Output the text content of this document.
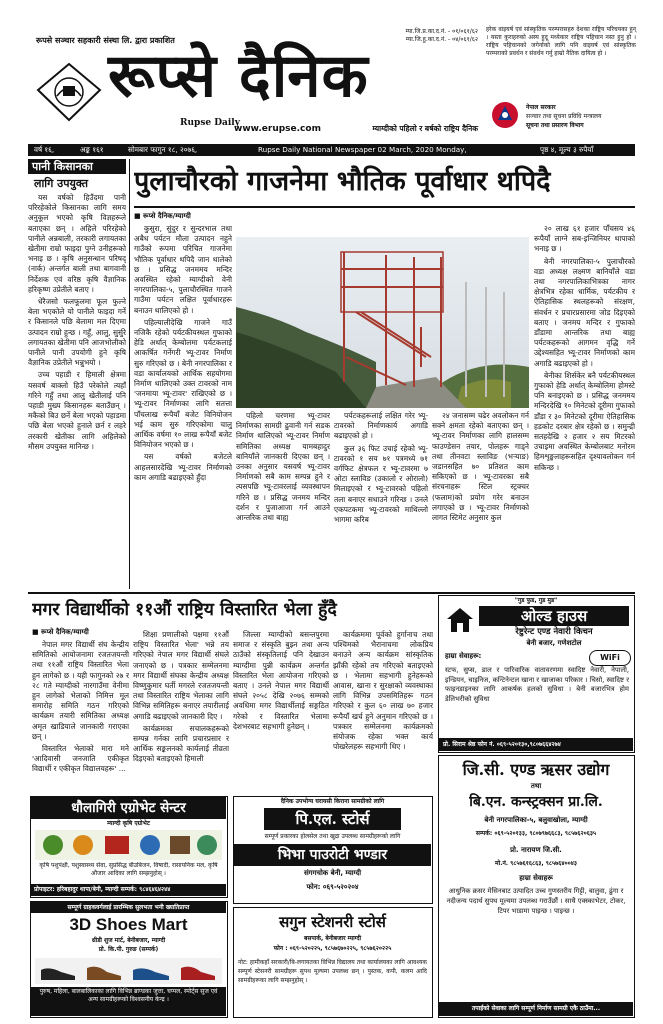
रूपसे सञ्चार सहकारी संस्था लि. द्वारा प्रकाशित
म्या.जि.प्र.का.द.नं. - ०१/०६१/६२
म्या.जि.हु.का.द.नं. - ०४/०६१/६२
रूप्से दैनिक
Rupse Daily
www.erupse.com	म्याग्दीको पहिलो र बर्षको राष्ट्रिय दैनिक
हरेक वाइयर्ष एवं सांस्कृतिक परम्परासहरु देशका राष्ट्रिय परिचयका हुन् । यस्ता कुराहरुको अस्य हुदू मध्येकार राष्ट्रिय पहिचान नस्त हुनु हो । राष्ट्रिय पहिचानको जगेर्नाको लागि पनि वाइयर्ष एवं सांस्कृतिक परम्पराको प्रवर्धन र संवर्धन गर्नु हाम्रो नैतिक दायित्व हो ।
नेपाल सरकार
सञ्चार तथा सूचना प्रविधि मन्त्रालय
सूचना तथा प्रसारण विभाग
वर्ष १६,	अङ्क १६१	सोमबार फागुन १८, २०७६,	Rupse Daily National Newspaper 02 March, 2020 Monday,	पृष्ठ ४, मूल्य ३ रुपैयाँ
पानी किसानका
लागि उपयुक्त

यस वर्षको हिउँदमा पानी परिरहेकोले किसानका लागि समय अनुकूल भएको कृषि विज्ञहरूले बताएका छन् । अहिले परिरहेको पानीले अन्नबाली, तरकारी लगायतका खेतीमा राम्रो फाइदा पुग्ने उनीहरूको भनाइ छ । कृषि अनुसन्धान परिषद् (नार्क) अन्तर्गत बाली तथा बागवानी निर्देशक एवं वरिष्ठ कृषि वैज्ञानिक हरिकृष्ण उप्रेतीले बताए ।

धेरैजसो फलफूलमा फूल फुल्ने बेला भएकोले यो पानीले फाइदा गर्ने र किसानले पछि बेलामा मल दिएमा उत्पादन राम्रो हुन्छ । गहुँ, आलु, सुर्सुरे लगायतका खेतीमा पनि आजभोलीको पानीले पानी उपयोगी हुने कृषि वैज्ञानिक उप्रेतीले भन्नुभयो ।

उच्च पहाडी र हिमाली क्षेत्रमा यसवर्ष बाक्लो हिउँ परेकोले त्यहाँ गरिने गहुँ तथा आलु खेतीलाई पनि पहाडी मुख्य किसानहरू बताउँछन् । मकैको बिउ छर्ने बेला भएको पहाडमा पछि बेला भएको हुनाले छर्न र लहरे तरकारी खेतीका लागि अहिलेको मौसम उपयुक्त मानिन्छ ।

पुलाचौरको गाजनेमा भौतिक पूर्वाधार थपिदै
■ रूप्से दैनिक/म्याग्दी

कुसुरा, सुंदुर र सुन्दरभाल तथा अबैध पर्यटन मौला उत्पादन नहुने गाउँको रूपमा परिचित गाजनेमा भौतिक पूर्वाधार थपिदै जान थालेको छ । प्रसिद्ध जनममय मन्दिर अवस्थित रहेको म्याग्दीको वेनी नगरपालिका-५, पुलाचौरस्थित गाजने गाउँमा पर्यटन लक्षित पूर्वाधारहरू बनाउन थालिएको हो ।

पहिल्यालीदेखि गाजने गाउँ नजिकै रहेको पर्यटकीयस्थल गुफाको हेडि अर्थात् केम्बोलमा पर्यटकलाई आकर्षित गर्नेगरी भ्यू-टावर निर्माण सुरु गरिएको छ । बेनी नगरपालिका र वडा कार्यालयको आर्थिक सहयोगमा निर्माण थालिएको उक्त टावरको नाम 'जनमाया भ्यू-टावर' राखिएको छ । भ्यू-टावर निर्माणका लागि सतत्ता पाँचलाख रूपैयाँ बजेट विनियोजन भई काम सुरु गरिएकोमा चालु आर्थिक वर्षमा १० लाख रूपैयाँ बजेट विनियोजन भएको छ ।

यस वर्षको बजेटले आहलसारदेखि भ्यू-टावर निर्माणको काम अगाडि बढाइएको हुँदा

पहिलो चरणमा भ्यू-टावर निर्माणका सामग्री ढुवानी गर्न सडक निर्माण थालिएको भ्यू-टावर निर्माण समितिका अध्यक्ष यामबहादुर बानियाँले जानकारी दिएका छन् । उनका अनुसार यसवर्ष भ्यू-टावर निर्माणको सबै काम सम्पन्न हुने र त्यसपछि भ्यू-टावरलाई व्यवस्थापन गरिने छ । प्रसिद्ध जनमय मन्दिर दर्शन र पुजाआजा गर्न आउने आन्तरिक तथा बाह्य

पर्यटकहरूलाई लक्षित गरेर भ्यू-टावरको निर्माणकार्य अगाडि बढाइएको हो ।

कुल ३६ फिट उचाई रहेको भ्यू-टावरको १ सय ७१ पत्रमध्ये ७१ वर्गफिट क्षेत्रफल र भ्यू-टावरमा ७ ओटा स्लाविङ (उकालो र ओरालो) मिलाइएको र भ्यू-टावरको पहिलो तला बनाएर सधाउने गरिन्छ । उनले एकपटकमा भ्यू-टावरको माथिल्लो भागमा करिब

२४ जनासम्म चढेर अवलोकन गर्न सक्ने क्षमता रहेको बताएका छन् । भ्यू-टावर निर्माणका लागि हालसम्म फाउण्डेसन तयार, पोलहरू गाड्ने तथा तीनवटा स्लाविङ (भऱ्याङ) जडानसहित ७० प्रतिशत काम सकिएको छ । भ्यू-टावरका सबै संरचनाहरू स्टिल स्ट्रक्चर (फलाम)को प्रयोग गरेर बनाउन लगाएको छ । भ्यू-टावर निर्माणको लागत स्टिमेट अनुसार कुल

२० लाख ६१ हजार पाँचसय ४६ रूपैयाँ लाग्ने सब-इन्जिनियर थापाको भनाइ छ ।

बेनी नगरपालिका-५ पुलाचौरको वडा अध्यक्ष लक्ष्मण बानियाँले वडा तथा नगरपालिकाभित्रका नागर क्षेत्रभित्र रहेका धार्मिक, पर्यटकीय र ऐतिहासिक स्थलहरूको संरक्षण, संवर्धन र प्रचारप्रसारमा जोड दिइएको बताए । जनमय मन्दिर र गुफाको डाँडामा आन्तरिक तथा बाह्य पर्यटकहरूको आगमन वृद्धि गर्ने उद्देश्यसहित भ्यू-टावर निर्माणको काम अगाडि बढाइएको हो ।

बेनीका शिर्सकेर बनै पर्यटकीयस्थल गुफाको हेडि अर्थात् केम्बोलिमा होमस्टे पनि बनाइएको छ । प्रसिद्ध जनममय मन्दिरदेखि १० मिनेटको दूरीमा गुफाको डाँडा र ३० मिनेटको दूरीमा ऐतिहासिक हडकोट दरबार क्षेत्र रहेको छ । समुन्द्री सतहदेखि २ हजार २ सय मिटरको उचाइमा अवस्थित केम्बोलबाट मनोरम हिमशृङ्खलाहरूसहित दृश्यावलोकन गर्न सकिन्छ ।

मगर विद्यार्थीको ११औं राष्ट्रिय विस्तारित भेला हुँदै
■ रूप्से दैनिक/म्याग्दी

नेपाल मगर विद्यार्थी संघ केन्द्रीय समितिको आयोजनामा रजतजयन्ती तथा ११औं राष्ट्रिय विस्तारित भेला हुन लागेको छ । यही फागुनको २७ र २८ गते म्याग्दीको नारगाउँमा वेनीमा हुन लागेको भेलाको निमित्त मूल समारोह समिति गठन गरिएको कार्यक्रम तयारी समितिका अध्यक्ष अमृत खाडियाले जानकारी गराएका छन् ।

विस्तारित भेलाको मारा मने 'आदिवासी जनजाति एकीकृत विद्यार्थी र एकीकृत विद्यालयहरू' ...

शिक्षा प्रणालीको पक्षमा ११औं राष्ट्रिय विस्तारित भेला' भन्ने तय गरिएको नेपाल मगर विद्यार्थी संघले जनाएको छ । पत्रकार सम्मेलनमा मगर विद्यार्थी संघका केन्द्रीय अध्यक्ष विष्णुकुमार घर्ती मगरले रजतजयन्ती तथा विस्तारित राष्ट्रिय भेलाका लागि विभिन्न समितिहरू बनाएर तयारीलाई अगाडि बढाइएको जानकारी दिए ।

कार्यक्रमका सचालकहरूको सम्पन्न गर्नका लागि प्रचारप्रसार र आर्थिक सङ्कलनको कार्यलाई तीव्रता दिइएको बताइएको हिमाली

जिल्ला म्याग्दीको बसन्तपुरमा समाज र संस्कृति बुझ्न तथा अन्य ठाउँको संस्कृतिलाई पनि देखाउन म्याग्दीमा पुन्नी कार्यक्रम अन्तर्गत विस्तारित भेला आयोजना गरिएको बताए । उनले नेपाल मगर विद्यार्थी संघले २०५८ देखि २०७६ सम्मको अवधिमा मगर विद्यार्थीलाई सङ्गठित गरेको र विस्तारित भेलामा देशभरबाट सहभागी हुनेछन् ।

कार्यक्रममा पूर्वको हुर्गानाच तथा पश्चिमको भैरानाचमा लोकप्रिय बनाउने अन्य कार्यक्रम सांस्कृतिक झाँकी रहेको तय गरिएको बताइएको छ । भेलामा सहभागी हुनेहरूको आवास, खाना र सुरक्षाको व्यवस्थाका लागि विभिन्न उपसमितिहरू गठन गरिएको र कुल ६० लाख ७० हजार रूपैयाँ खर्च हुने अनुमान गरिएको छ । पत्रकार सम्मेलनमा कार्यक्रमको संयोजक रहेका भक्त कार्य पोखरेलहरू सहभागी थिए ।

"गुड फुड, गुड मुड"
ओल्ड हाउस
रेष्टुरेन्ट एण्ड नेवारी किचन
बेनी बजार, गणेशटोल
हाम्रा सेवाहरू:	WiFi
स्टफ, सुप्स, डाल र पारिवारिक वातावरणमा स्वादिष्ट नेवारी, नेपाली, इन्डियन, चाइनिज, कन्टिनेन्टल खाना र खाजाका परिकार । चिसो, स्वादिष्ट र फाइनडाइनका लागि आकर्षक हलको सुविधा । बेनी बजारभित्र होम डेलिभरीको सुविधा
प्रो. सिराम श्रेष्ठ फोन नं. ०६९-५२०१३०,९८०७६६४२७४
जि.सी. एण्ड ऋसर उद्योग
तथा
बि.एन. कन्स्ट्रक्सन प्रा.लि.
बेनी नगरपालिका-५, बलुवाखोला, म्याग्दी
सम्पर्क: ०६९-५२०१३३, ९८०७९७६६८३, ९८५७६२०६३५
प्रो. नारायण जि.सी.
मो.नं. ९८५७६१६८६३, ९८५७६४००४३
हाम्रा सेवाहरू
आधुनिक क्रसर मेसिनबाट उत्पादित उच्च गुणस्तरीय गिट्टी, बालुवा, ढुंगा र नदीजन्य पदार्थ सुपथ मूल्यमा उपलब्ध गराउँछौं । साथै एक्स्काभेटर, टोकर, टिपर भाडामा पाइन्छ । पाइन्छ ।
तपाईंको सेवाका लागि सम्पूर्ण निर्माण सामग्री एकै ठाउँमा...
धौलागिरी एग्रोभेट सेन्टर
म्याग्दी कृषि एग्रोभेट
कृषि पशुपंक्षी, पशुस्वास्थ्य सेवा, सुप्रसिद्ध बीउबिजन, विषादी, रासायनिक मल, कृषि औजार आदिका लागि सम्झनुहोस् ।
प्रोपाइटर: हरिबहादुर थापा/बेनी, म्याग्दी सम्पर्क: ९८४६४६४२४४
सम्पूर्ण ग्राहकवर्गलाई प्रारम्भिक सुलभता भनी ख्यातिप्राप्त
3D Shoes Mart
थ्रीडी शुज मार्ट, बेनीबजार, म्याग्दी
प्रो. कि.पी. गुरुङ (सम्पर्क)
पुरुष, महिला, बालबालिकाका लागि विभिन्न ब्राण्डका जुत्ता, चप्पल, स्पोर्ट्स सुज एवं अन्य सामग्रीहरूको विश्वसनीय केन्द्र ।
दैनिक उपभोग्य घरायसी किराना सामग्रीको लागि
पि.एल. स्टोर्स
सम्पूर्ण प्रकारका होलसेल तथा खुद्रा उपलब्ध सामग्रीहरूको लागि
भिभा पाउरोटी भण्डार
संगगचोक बेनी, म्याग्दी
फोन: ०६९-५२०२०४
सगुन स्टेशनरी स्टोर्स
बसपार्क, बेनीबजार म्याग्दी
फोन : ०६९-५२०२२५, ९८५७६७०२२५, ९८५७६२०२२५
नोट: हामीकहाँ सरकारी/बि-लगायतका विभिन्न विद्यालय तथा कार्यालयका लागि आवश्यक सम्पूर्ण स्टेसनरी सामग्रीहरू सुपथ मूल्यमा उपलब्ध छन् । पुस्तक, कपी, कलम आदि सामग्रीहरूका लागि सम्झनुहोस् ।
